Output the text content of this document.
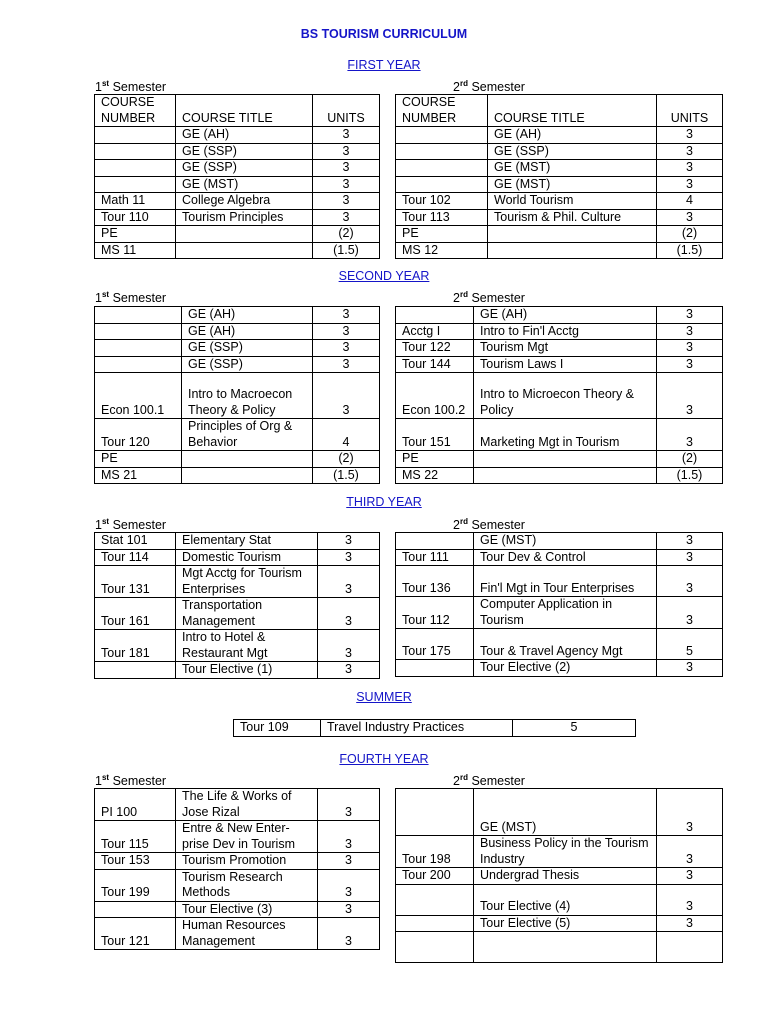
BS TOURISM CURRICULUM
FIRST YEAR
1st Semester	2rd Semester
COURSE NUMBER	COURSE TITLE	UNITS
	GE (AH)	3
	GE (SSP)	3
	GE (SSP)	3
	GE (MST)	3
Math 11	College Algebra	3
Tour 110	Tourism Principles	3
PE		(2)
MS 11		(1.5)
COURSE NUMBER	COURSE TITLE	UNITS
	GE (AH)	3
	GE (SSP)	3
	GE (MST)	3
	GE (MST)	3
Tour 102	World Tourism	4
Tour 113	Tourism & Phil. Culture	3
PE		(2)
MS 12		(1.5)
SECOND YEAR
1st Semester	2rd Semester
	GE (AH)	3
	GE (AH)	3
	GE (SSP)	3
	GE (SSP)	3
Econ 100.1	Intro to Macroecon Theory & Policy	3
Tour 120	Principles of Org & Behavior	4
PE		(2)
MS 21		(1.5)
	GE (AH)	3
Acctg I	Intro to Fin'l Acctg	3
Tour 122	Tourism Mgt	3
Tour 144	Tourism Laws I	3
Econ 100.2	Intro to Microecon Theory & Policy	3
Tour 151	Marketing Mgt in Tourism	3
PE		(2)
MS 22		(1.5)
THIRD YEAR
1st Semester	2rd Semester
Stat 101	Elementary Stat	3
Tour 114	Domestic Tourism	3
Tour 131	Mgt Acctg for Tourism Enterprises	3
Tour 161	Transportation Management	3
Tour 181	Intro to Hotel & Restaurant Mgt	3
	Tour Elective (1)	3
	GE (MST)	3
Tour 111	Tour Dev & Control	3
Tour 136	Fin'l Mgt in Tour Enterprises	3
Tour 112	Computer Application in Tourism	3
Tour 175	Tour & Travel Agency Mgt	5
	Tour Elective (2)	3
SUMMER
Tour 109	Travel Industry Practices	5
FOURTH YEAR
1st Semester	2rd Semester
PI 100	The Life & Works of Jose Rizal	3
Tour 115	Entre & New Enter-prise Dev in Tourism	3
Tour 153	Tourism Promotion	3
Tour 199	Tourism Research Methods	3
	Tour Elective (3)	3
Tour 121	Human Resources Management	3
	GE (MST)	3
Tour 198	Business Policy in the Tourism Industry	3
Tour 200	Undergrad Thesis	3
	Tour Elective (4)	3
	Tour Elective (5)	3
